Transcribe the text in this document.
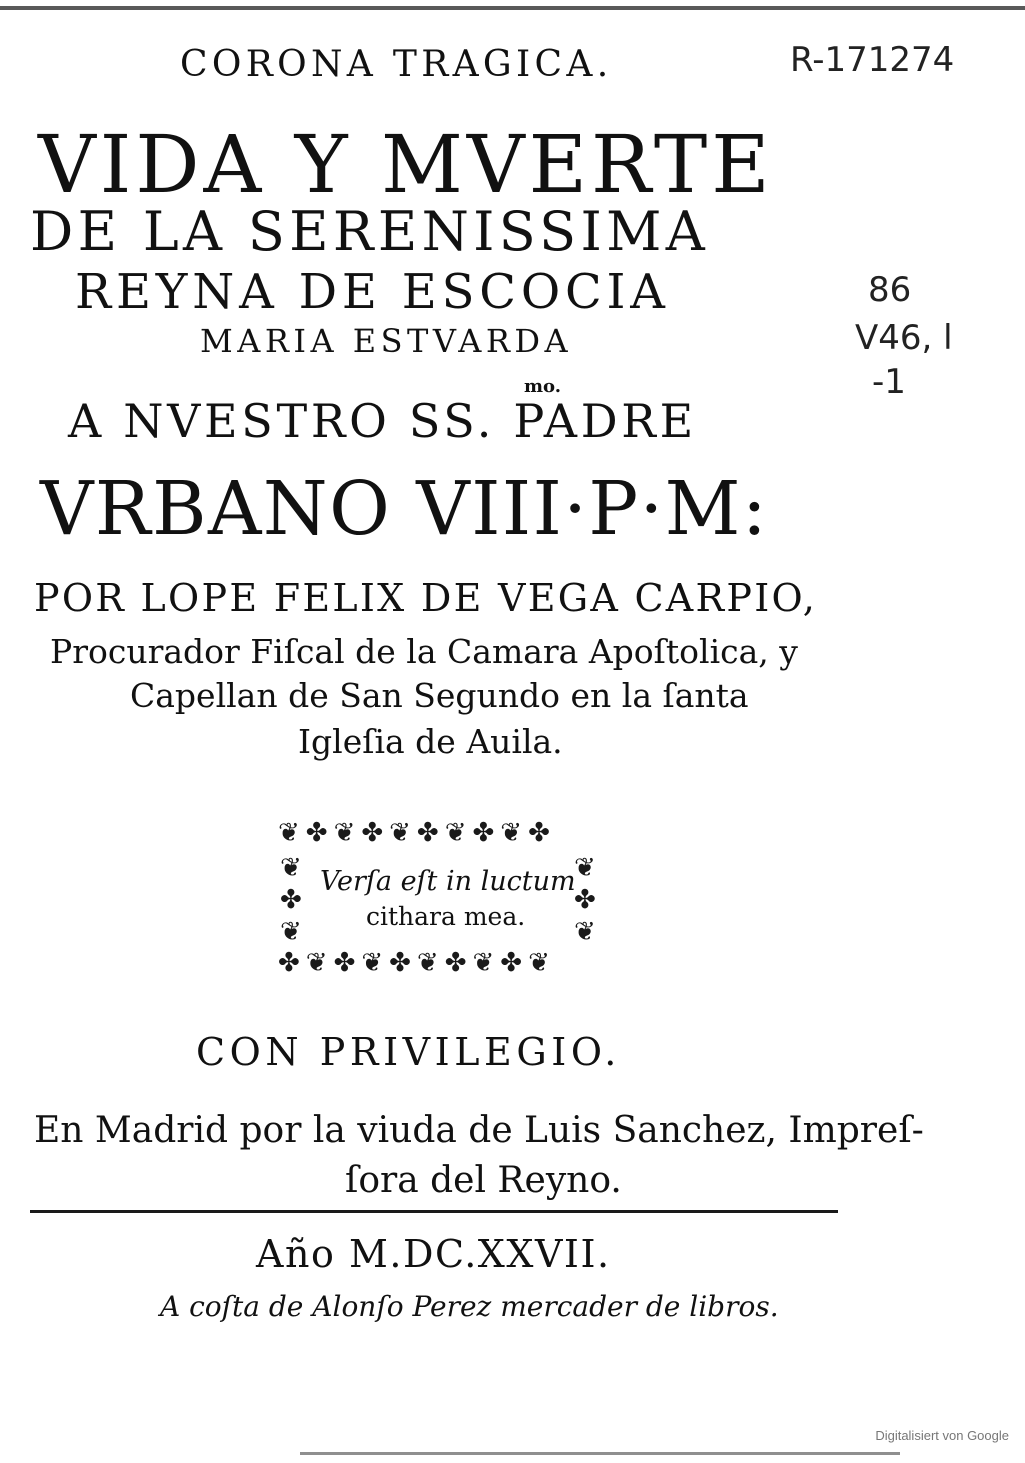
CORONA TRAGICA.	R-171274
VIDA Y MVERTE
DE LA SERENISSIMA
REYNA DE ESCOCIA
MARIA ESTVARDA
86
V46, l
-1
mo.
A NVESTRO SS. PADRE
VRBANO VIII·P·M:
POR LOPE FELIX DE VEGA CARPIO,
Procurador Fiſcal de la Camara Apoſtolica, y
Capellan de San Segundo en la ſanta
Igleſia de Auila.
❦✤❦✤❦✤❦✤❦✤
❦
✤
❦
❦
✤
❦
✤❦✤❦✤❦✤❦✤❦
Verſa eſt in luctum
cithara mea.
CON PRIVILEGIO.
En Madrid por la viuda de Luis Sanchez, Impreſ-
ſora del Reyno.
Año M.DC.XXVII.
A coſta de Alonſo Perez mercader de libros.
Digitalisiert von Google
